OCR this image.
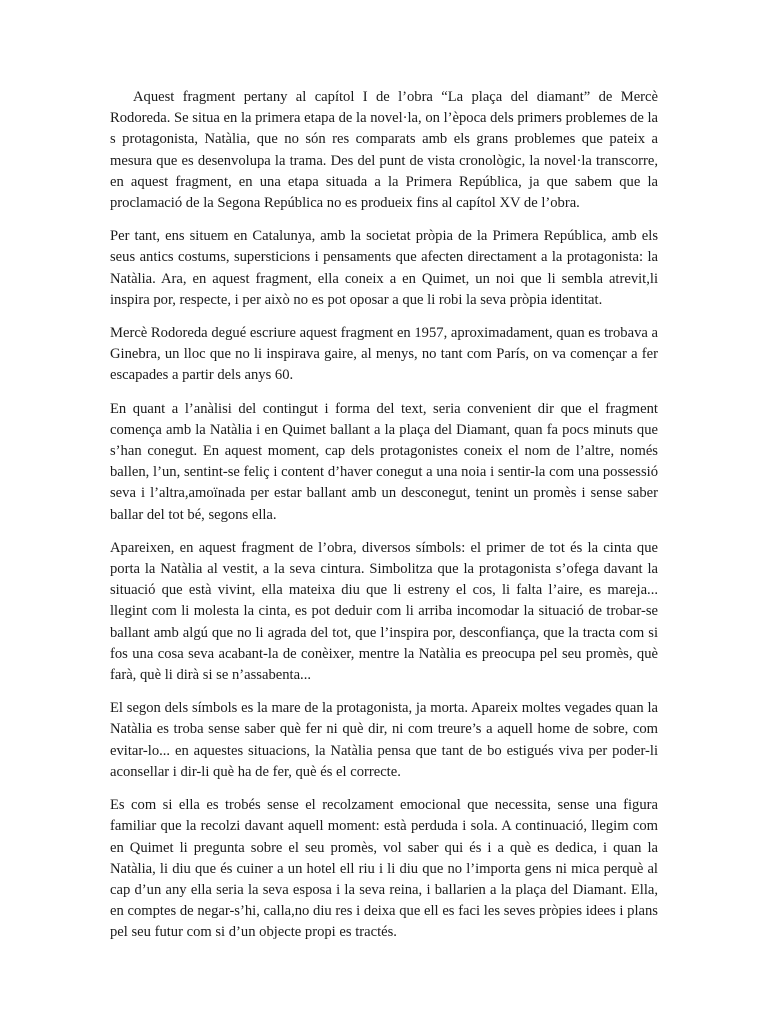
Aquest fragment pertany al capítol I de l’obra “La plaça del diamant” de Mercè Rodoreda. Se situa en la primera etapa de la novel·la, on l’època dels primers problemes de la s protagonista, Natàlia, que no són res comparats amb els grans problemes que pateix a mesura que es desenvolupa la trama. Des del punt de vista cronològic, la novel·la transcorre, en aquest fragment, en una etapa situada a la Primera República, ja que sabem que la proclamació de la Segona República no es produeix fins al capítol XV de l’obra.

Per tant, ens situem en Catalunya, amb la societat pròpia de la Primera República, amb els seus antics costums, supersticions i pensaments que afecten directament a la protagonista: la Natàlia. Ara, en aquest fragment, ella coneix a en Quimet, un noi que li sembla atrevit,li inspira por, respecte, i per això no es pot oposar a que li robi la seva pròpia identitat.

Mercè Rodoreda degué escriure aquest fragment en 1957, aproximadament, quan es trobava a Ginebra, un lloc que no li inspirava gaire, al menys, no tant com París, on va començar a fer escapades a partir dels anys 60.

En quant a l’anàlisi del contingut i forma del text, seria convenient dir que el fragment comença amb la Natàlia i en Quimet ballant a la plaça del Diamant, quan fa pocs minuts que s’han conegut. En aquest moment, cap dels protagonistes coneix el nom de l’altre, només ballen, l’un, sentint-se feliç i content d’haver conegut a una noia i sentir-la com una possessió seva i l’altra,amoïnada per estar ballant amb un desconegut, tenint un promès i sense saber ballar del tot bé, segons ella.

Apareixen, en aquest fragment de l’obra, diversos símbols: el primer de tot és la cinta que porta la Natàlia al vestit, a la seva cintura. Simbolitza que la protagonista s’ofega davant la situació que està vivint, ella mateixa diu que li estreny el cos, li falta l’aire, es mareja... llegint com li molesta la cinta, es pot deduir com li arriba incomodar la situació de trobar-se ballant amb algú que no li agrada del tot, que l’inspira por, desconfiança, que la tracta com si fos una cosa seva acabant-la de conèixer, mentre la Natàlia es preocupa pel seu promès, què farà, què li dirà si se n’assabenta...

El segon dels símbols es la mare de la protagonista, ja morta. Apareix moltes vegades quan la Natàlia es troba sense saber què fer ni què dir, ni com treure’s a aquell home de sobre, com evitar-lo... en aquestes situacions, la Natàlia pensa que tant de bo estigués viva per poder-li aconsellar i dir-li què ha de fer, què és el correcte.

Es com si ella es trobés sense el recolzament emocional que necessita, sense una figura familiar que la recolzi davant aquell moment: està perduda i sola. A continuació, llegim com en Quimet li pregunta sobre el seu promès, vol saber qui és i a què es dedica, i quan la Natàlia, li diu que és cuiner a un hotel ell riu i li diu que no l’importa gens ni mica perquè al cap d’un any ella seria la seva esposa i la seva reina, i ballarien a la plaça del Diamant. Ella, en comptes de negar-s’hi, calla,no diu res i deixa que ell es faci les seves pròpies idees i plans pel seu futur com si d’un objecte propi es tractés.
